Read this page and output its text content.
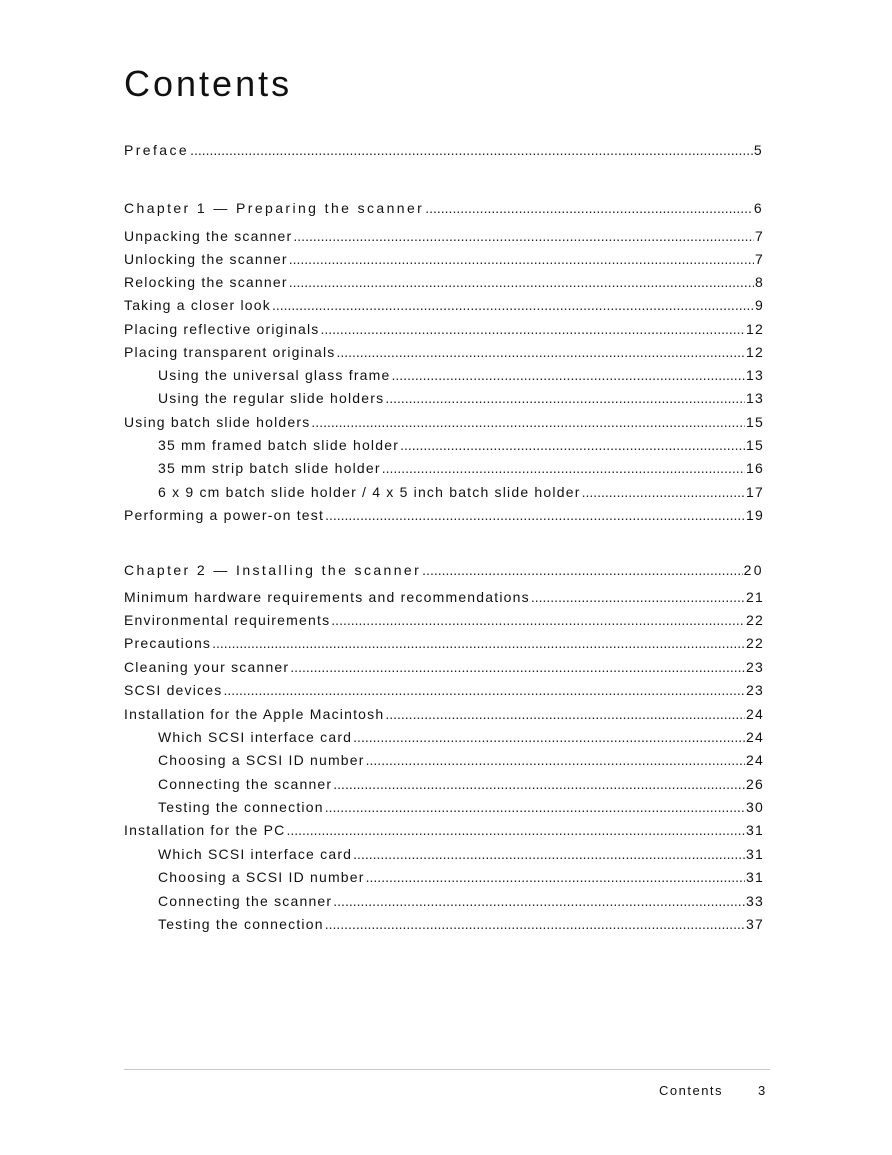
Contents
Preface .....	5
Chapter 1 — Preparing the scanner .....	6
Unpacking the scanner .....	7
Unlocking the scanner .....	7
Relocking the scanner .....	8
Taking a closer look .....	9
Placing reflective originals .....	12
Placing transparent originals .....	12
Using the universal glass frame .....	13
Using the regular slide holders .....	13
Using batch slide holders .....	15
35 mm framed batch slide holder .....	15
35 mm strip batch slide holder .....	16
6 x 9 cm batch slide holder / 4 x 5 inch batch slide holder .....	17
Performing a power-on test .....	19
Chapter 2 — Installing the scanner .....	20
Minimum hardware requirements and recommendations .....	21
Environmental requirements .....	22
Precautions .....	22
Cleaning your scanner .....	23
SCSI devices .....	23
Installation for the Apple Macintosh .....	24
Which SCSI interface card .....	24
Choosing a SCSI ID number .....	24
Connecting the scanner .....	26
Testing the connection .....	30
Installation for the PC .....	31
Which SCSI interface card .....	31
Choosing a SCSI ID number .....	31
Connecting the scanner .....	33
Testing the connection .....	37
Contents	3
